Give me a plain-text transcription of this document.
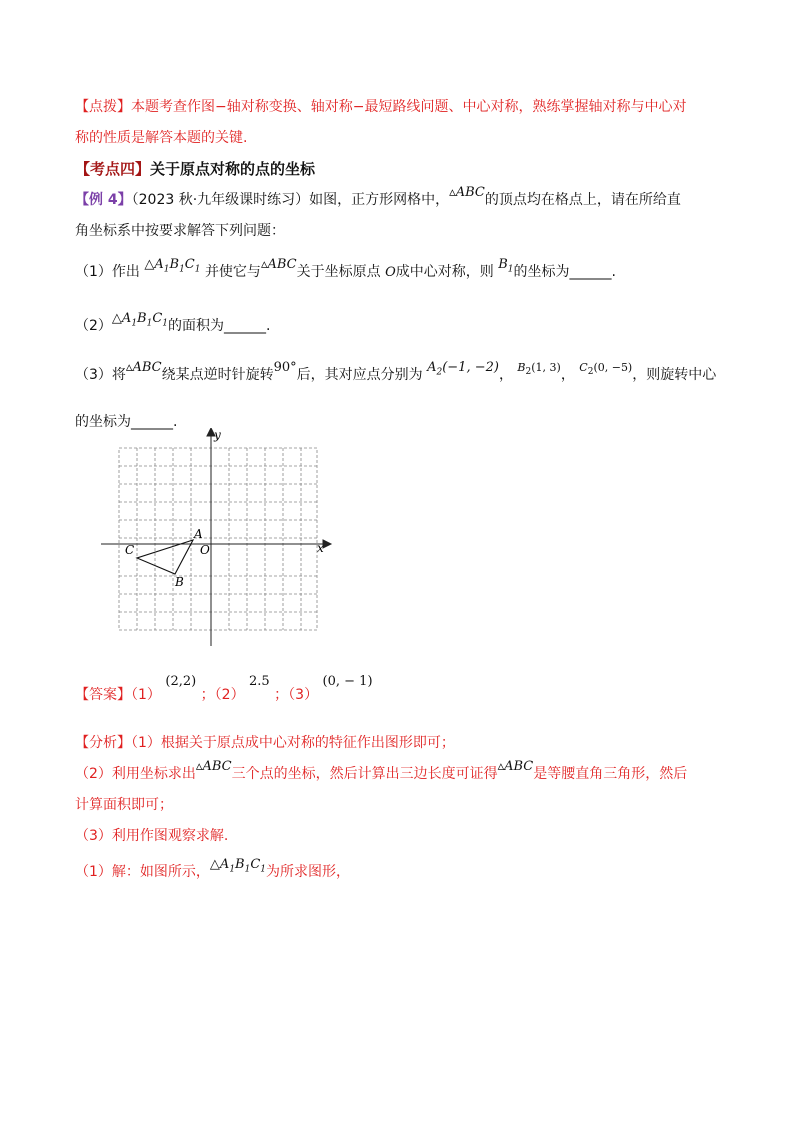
【点拨】本题考查作图−轴对称变换、轴对称−最短路线问题、中心对称，熟练掌握轴对称与中心对
称的性质是解答本题的关键.
【考点四】关于原点对称的点的坐标
【例 4】（2023 秋·九年级课时练习）如图，正方形网格中，▵ABC的顶点均在格点上，请在所给直
角坐标系中按要求解答下列问题：
（1）作出 $\triangle A_1B_1C_1$ 并使它与▵ABC关于坐标原点 O成中心对称，则 $B_1$的坐标为______.
$(2)\triangle A_1B_1C_1$的面积为______.
（3）将▵ABC绕某点逆时针旋转90°后，其对应点分别为 $A_2(-1$, −2)， $^{B_2(1, 3)}$， $^{C_2(0, -5)}$，则旋转中心
的坐标为______.
x
y
O
A
B
C
【答案】（1） (2,2) ；（2） 2.5 ；（3） (0, − 1)
【分析】（1）根据关于原点成中心对称的特征作出图形即可；
（2）利用坐标求出▵ABC三个点的坐标，然后计算出三边长度可证得▵ABC是等腰直角三角形，然后
计算面积即可；
（3）利用作图观察求解.
（1）解：如图所示，$\triangle A_1B_1C_1$为所求图形，
